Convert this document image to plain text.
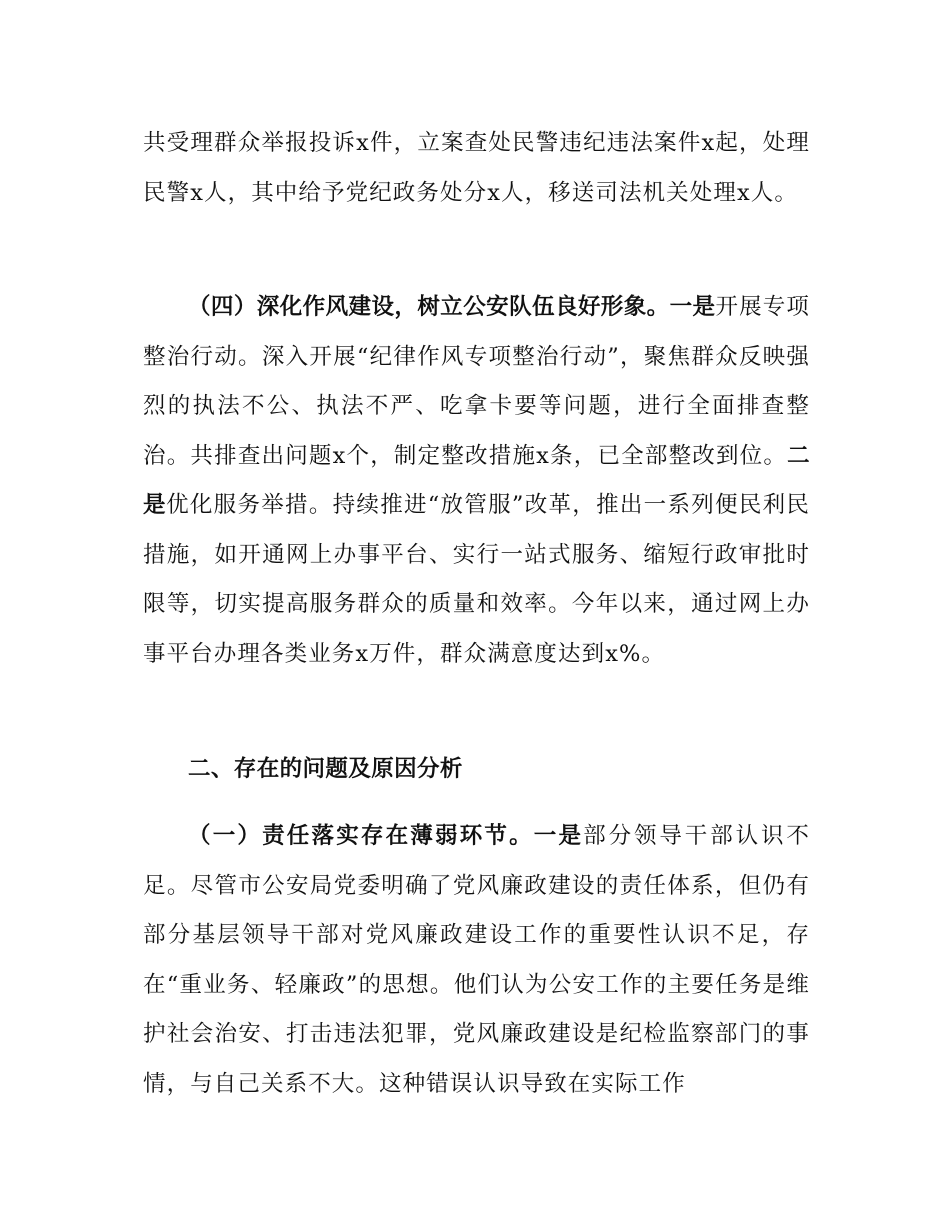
共受理群众举报投诉x件，立案查处民警违纪违法案件x起，处理民警x人，其中给予党纪政务处分x人，移送司法机关处理x人。

（四）深化作风建设，树立公安队伍良好形象。一是开展专项整治行动。深入开展“纪律作风专项整治行动”，聚焦群众反映强烈的执法不公、执法不严、吃拿卡要等问题，进行全面排查整治。共排查出问题x个，制定整改措施x条，已全部整改到位。二是优化服务举措。持续推进“放管服”改革，推出一系列便民利民措施，如开通网上办事平台、实行一站式服务、缩短行政审批时限等，切实提高服务群众的质量和效率。今年以来，通过网上办事平台办理各类业务x万件，群众满意度达到x%。

二、存在的问题及原因分析

（一）责任落实存在薄弱环节。一是部分领导干部认识不足。尽管市公安局党委明确了党风廉政建设的责任体系，但仍有部分基层领导干部对党风廉政建设工作的重要性认识不足，存在“重业务、轻廉政”的思想。他们认为公安工作的主要任务是维护社会治安、打击违法犯罪，党风廉政建设是纪检监察部门的事情，与自己关系不大。这种错误认识导致在实际工作
